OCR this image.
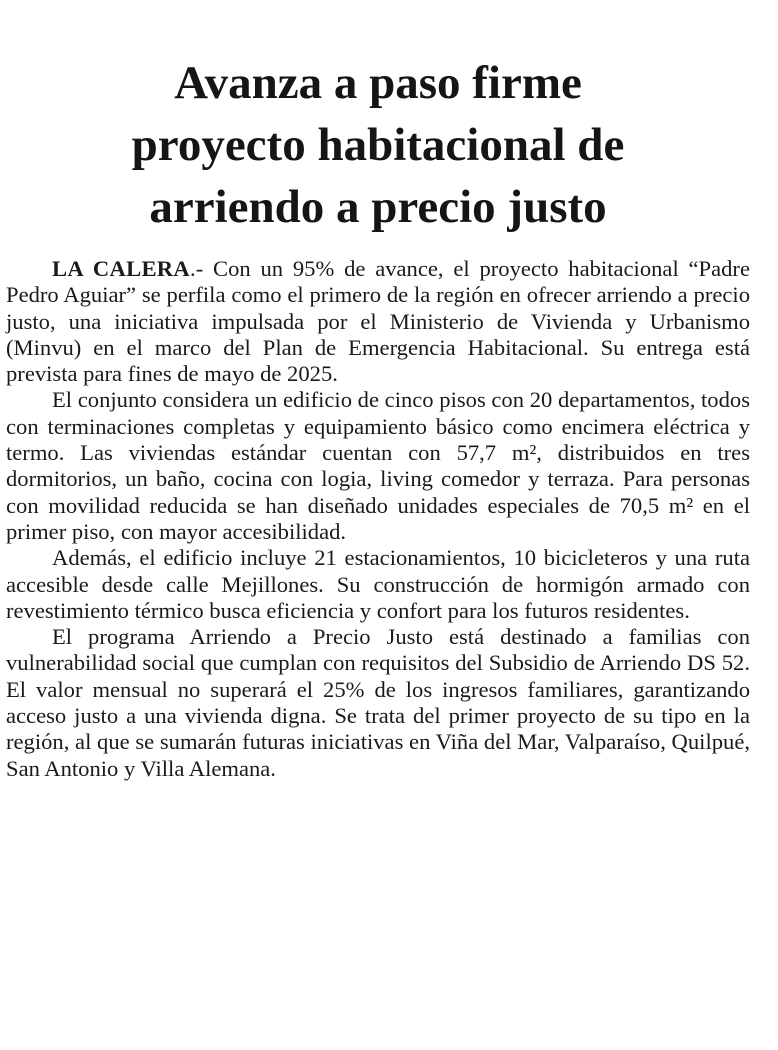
Avanza a paso firme
proyecto habitacional de
arriendo a precio justo

LA CALERA.- Con un 95% de avance, el proyecto habitacional “Padre Pedro Aguiar” se perfila como el primero de la región en ofrecer arriendo a precio justo, una iniciativa impulsada por el Ministerio de Vivienda y Urbanismo (Minvu) en el marco del Plan de Emergencia Habitacional. Su entrega está prevista para fines de mayo de 2025.

El conjunto considera un edificio de cinco pisos con 20 departamentos, todos con terminaciones completas y equipamiento básico como encimera eléctrica y termo. Las viviendas estándar cuentan con 57,7 m², distribuidos en tres dormitorios, un baño, cocina con logia, living comedor y terraza. Para personas con movilidad reducida se han diseñado unidades especiales de 70,5 m² en el primer piso, con mayor accesibilidad.

Además, el edificio incluye 21 estacionamientos, 10 bicicleteros y una ruta accesible desde calle Mejillones. Su construcción de hormigón armado con revestimiento térmico busca eficiencia y confort para los futuros residentes.

El programa Arriendo a Precio Justo está destinado a familias con vulnerabilidad social que cumplan con requisitos del Subsidio de Arriendo DS 52. El valor mensual no superará el 25% de los ingresos familiares, garantizando acceso justo a una vivienda digna. Se trata del primer proyecto de su tipo en la región, al que se sumarán futuras iniciativas en Viña del Mar, Valparaíso, Quilpué, San Antonio y Villa Alemana.
